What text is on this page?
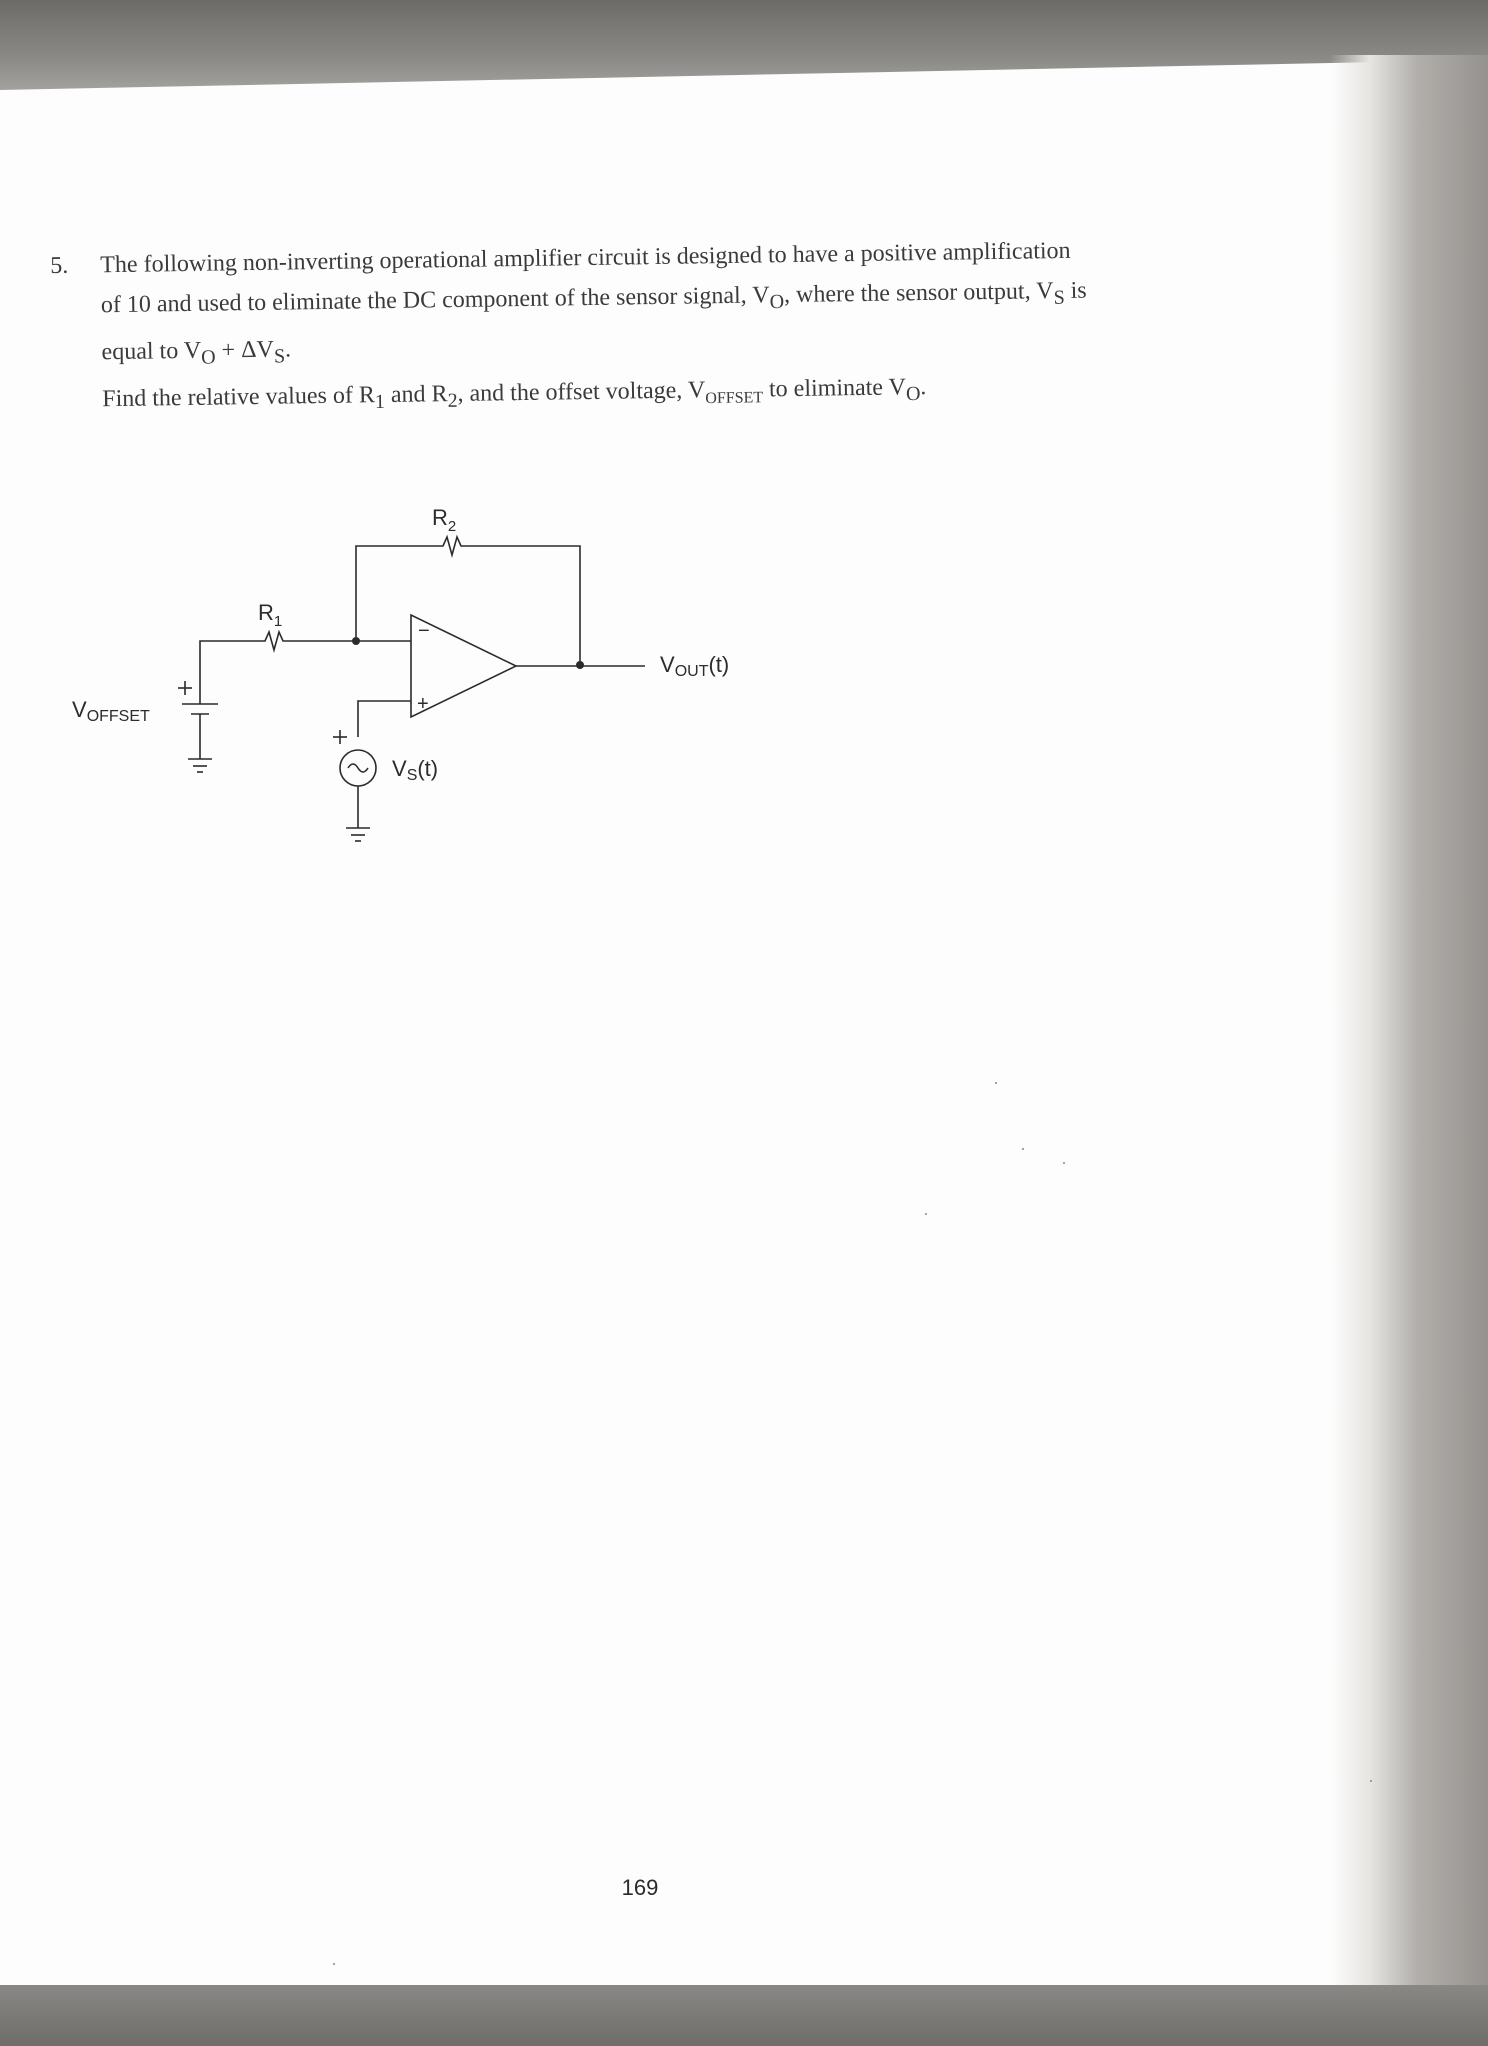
5. The following non-inverting operational amplifier circuit is designed to have a positive amplification

of 10 and used to eliminate the DC component of the sensor signal, $V_O$, where the sensor output, $V_S$ is

equal to $V_O + \Delta V_S$.

Find the relative values of $R_1$ and $R_2$, and the offset voltage, $V_{OFFSET}$ to eliminate $V_O$.

−
+
$R_2$
$R_1$
VOUT(t)
VOFFSET
VS(t)
169
